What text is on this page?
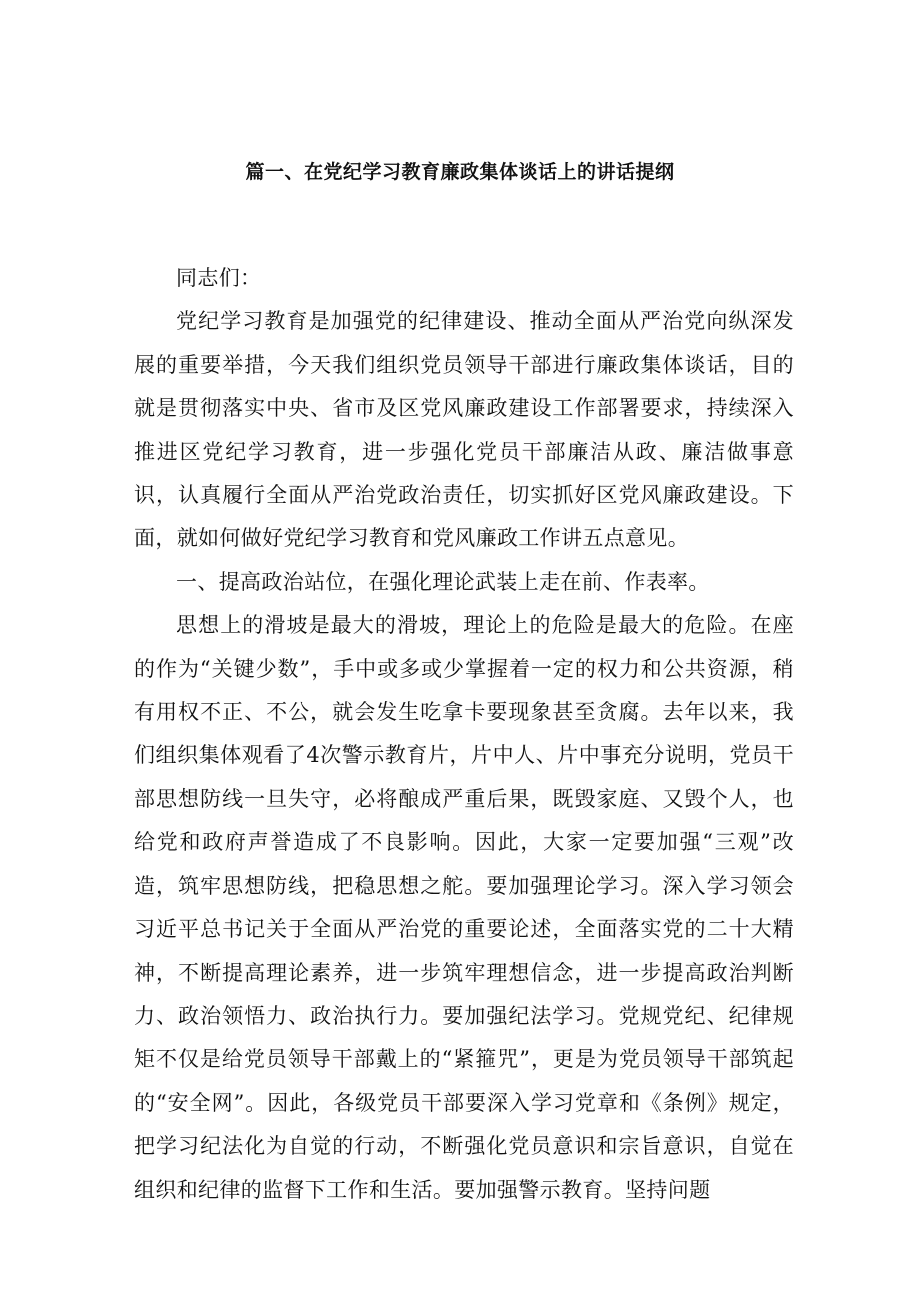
篇一、在党纪学习教育廉政集体谈话上的讲话提纲

同志们：

党纪学习教育是加强党的纪律建设、推动全面从严治党向纵深发展的重要举措，今天我们组织党员领导干部进行廉政集体谈话，目的就是贯彻落实中央、省市及区党风廉政建设工作部署要求，持续深入推进区党纪学习教育，进一步强化党员干部廉洁从政、廉洁做事意识，认真履行全面从严治党政治责任，切实抓好区党风廉政建设。下面，就如何做好党纪学习教育和党风廉政工作讲五点意见。

一、提高政治站位，在强化理论武装上走在前、作表率。

思想上的滑坡是最大的滑坡，理论上的危险是最大的危险。在座的作为“关键少数”，手中或多或少掌握着一定的权力和公共资源，稍有用权不正、不公，就会发生吃拿卡要现象甚至贪腐。去年以来，我们组织集体观看了4次警示教育片，片中人、片中事充分说明，党员干部思想防线一旦失守，必将酿成严重后果，既毁家庭、又毁个人，也给党和政府声誉造成了不良影响。因此，大家一定要加强“三观”改造，筑牢思想防线，把稳思想之舵。要加强理论学习。深入学习领会习近平总书记关于全面从严治党的重要论述，全面落实党的二十大精神，不断提高理论素养，进一步筑牢理想信念，进一步提高政治判断力、政治领悟力、政治执行力。要加强纪法学习。党规党纪、纪律规矩不仅是给党员领导干部戴上的“紧箍咒”，更是为党员领导干部筑起的“安全网”。因此，各级党员干部要深入学习党章和《条例》规定，把学习纪法化为自觉的行动，不断强化党员意识和宗旨意识，自觉在组织和纪律的监督下工作和生活。要加强警示教育。坚持问题
